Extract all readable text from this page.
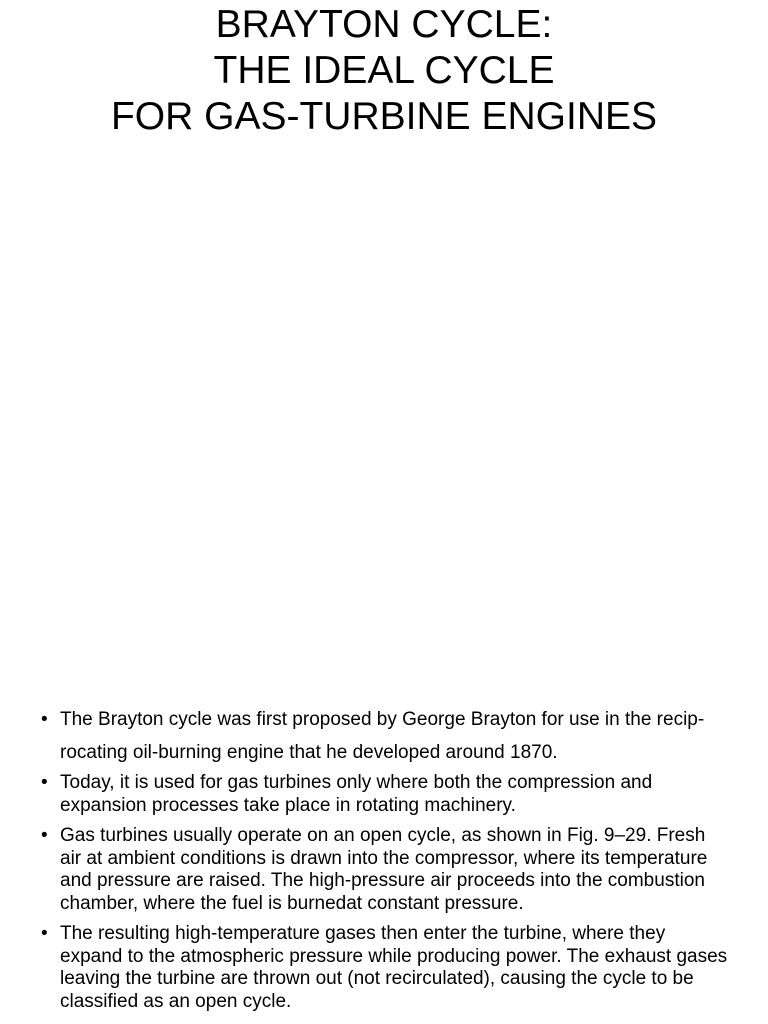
BRAYTON CYCLE:
THE IDEAL CYCLE
FOR GAS-TURBINE ENGINES
• The Brayton cycle was first proposed by George Brayton for use in the recip-
rocating oil-burning engine that he developed around 1870.
• Today, it is used for gas turbines only where both the compression and expansion processes take place in rotating machinery.
• Gas turbines usually operate on an open cycle, as shown in Fig. 9–29. Fresh air at ambient conditions is drawn into the compressor, where its temperature and pressure are raised. The high-pressure air proceeds into the combustion chamber, where the fuel is burnedat constant pressure.
• The resulting high-temperature gases then enter the turbine, where they expand to the atmospheric pressure while producing power. The exhaust gases leaving the turbine are thrown out (not recirculated), causing the cycle to be classified as an open cycle.
